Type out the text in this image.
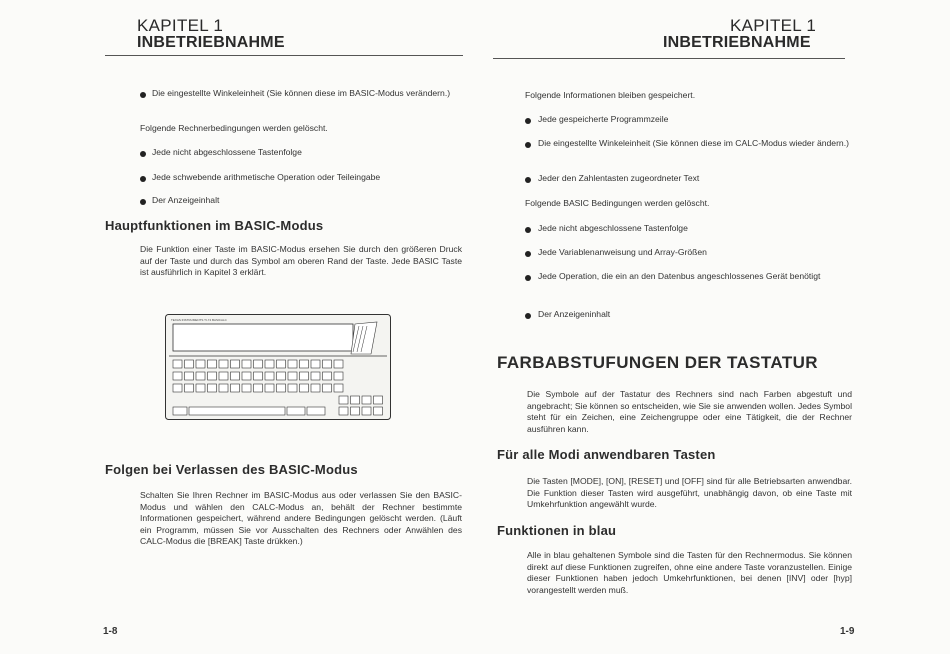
KAPITEL 1
INBETRIEBNAHME
Die eingestellte Winkeleinheit (Sie können diese im BASIC-Modus verändern.)
Folgende Rechnerbedingungen werden gelöscht.
Jede nicht abgeschlossene Tastenfolge
Jede schwebende arithmetische Operation oder Teileingabe
Der Anzeigeinhalt
Hauptfunktionen im BASIC-Modus
Die Funktion einer Taste im BASIC-Modus ersehen Sie durch den größeren Druck auf der Taste und durch das Symbol am oberen Rand der Taste. Jede BASIC Taste ist ausführlich in Kapitel 3 erklärt.
TEXAS INSTRUMENTS TI-74 BASICALC
Folgen bei Verlassen des BASIC-Modus
Schalten Sie Ihren Rechner im BASIC-Modus aus oder verlassen Sie den BASIC-Modus und wählen den CALC-Modus an, behält der Rechner bestimmte Informationen gespeichert, während andere Bedingungen gelöscht werden. (Läuft ein Programm, müssen Sie vor Ausschalten des Rechners oder Anwählen des CALC-Modus die [BREAK] Taste drükken.)
1-8
KAPITEL 1
INBETRIEBNAHME
Folgende Informationen bleiben gespeichert.
Jede gespeicherte Programmzeile
Die eingestellte Winkeleinheit (Sie können diese im CALC-Modus wieder ändern.)
Jeder den Zahlentasten zugeordneter Text
Folgende BASIC Bedingungen werden gelöscht.
Jede nicht abgeschlossene Tastenfolge
Jede Variablenanweisung und Array-Größen
Jede Operation, die ein an den Datenbus angeschlossenes Gerät benötigt
Der Anzeigeninhalt
FARBABSTUFUNGEN DER TASTATUR
Die Symbole auf der Tastatur des Rechners sind nach Farben abgestuft und angebracht; Sie können so entscheiden, wie Sie sie anwenden wollen. Jedes Symbol steht für ein Zeichen, eine Zeichengruppe oder eine Tätigkeit, die der Rechner ausführen kann.
Für alle Modi anwendbaren Tasten
Die Tasten [MODE], [ON], [RESET] und [OFF] sind für alle Betriebsarten anwendbar. Die Funktion dieser Tasten wird ausgeführt, unabhängig davon, ob eine Taste mit Umkehrfunktion angewählt wurde.
Funktionen in blau
Alle in blau gehaltenen Symbole sind die Tasten für den Rechnermodus. Sie können direkt auf diese Funktionen zugreifen, ohne eine andere Taste voranzustellen. Einige dieser Funktionen haben jedoch Umkehrfunktionen, bei denen [INV] oder [hyp] vorangestellt werden muß.
1-9
